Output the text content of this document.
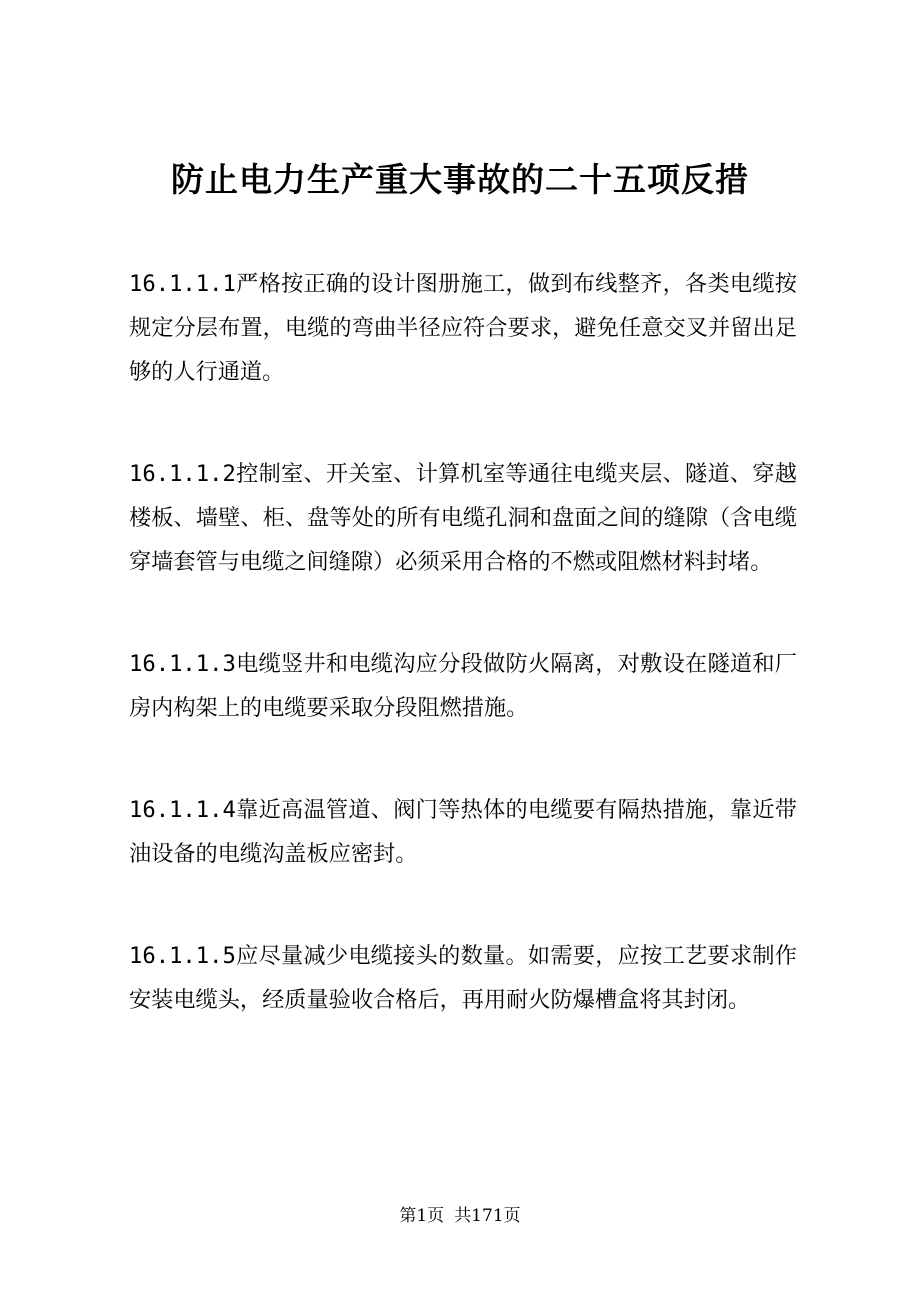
防止电力生产重大事故的二十五项反措

16.1.1.1严格按正确的设计图册施工，做到布线整齐，各类电缆按规定分层布置，电缆的弯曲半径应符合要求，避免任意交叉并留出足够的人行通道。

16.1.1.2控制室、开关室、计算机室等通往电缆夹层、隧道、穿越楼板、墙壁、柜、盘等处的所有电缆孔洞和盘面之间的缝隙（含电缆穿墙套管与电缆之间缝隙）必须采用合格的不燃或阻燃材料封堵。

16.1.1.3电缆竖井和电缆沟应分段做防火隔离，对敷设在隧道和厂房内构架上的电缆要采取分段阻燃措施。

16.1.1.4靠近高温管道、阀门等热体的电缆要有隔热措施，靠近带油设备的电缆沟盖板应密封。

16.1.1.5应尽量减少电缆接头的数量。如需要，应按工艺要求制作安装电缆头，经质量验收合格后，再用耐火防爆槽盒将其封闭。

第1页 共171页
